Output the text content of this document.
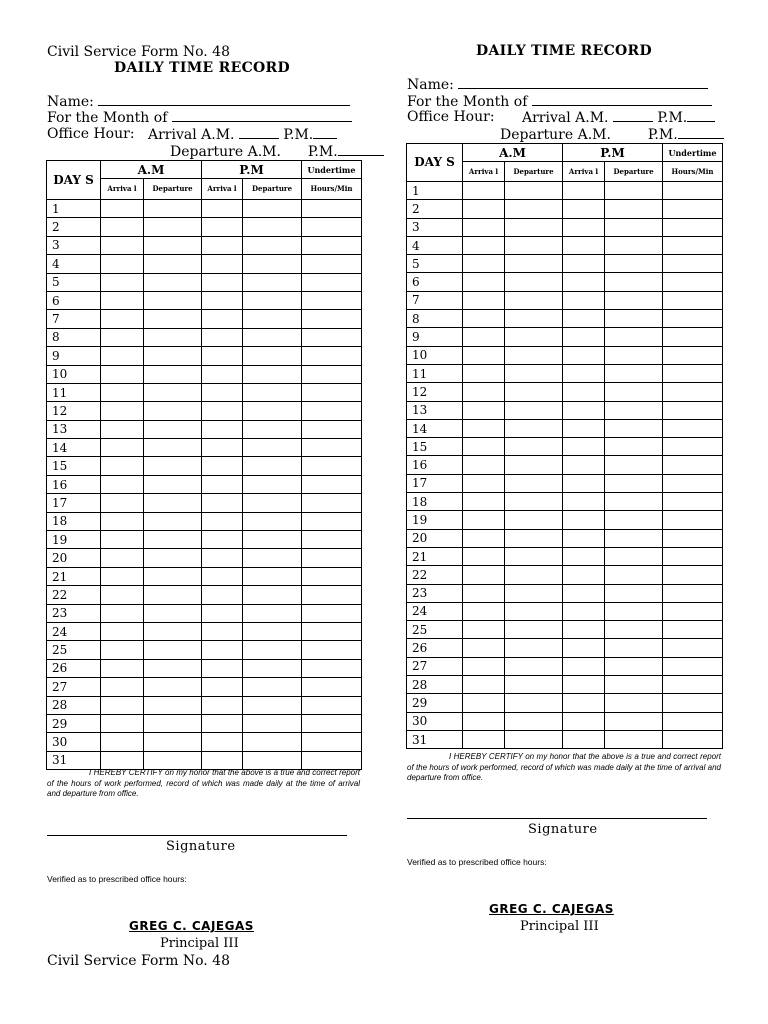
Civil Service Form No. 48
DAILY TIME RECORD
Name:
For the Month of
Office Hour: Arrival A.M.	P.M.
Departure A.M. P.M.
DAY S	A.M		P.M		Undertime
	Arriva l	Departure	Arriva l	Departure	Hours/Min
1					
2					
3					
4					
5					
6					
7					
8					
9					
10					
11					
12					
13					
14					
15					
16					
17					
18					
19					
20					
21					
22					
23					
24					
25					
26					
27					
28					
29					
30					
31					
I HEREBY CERTIFY on my honor that the above is a true and correct report of the hours of work performed, record of which was made daily at the time of arrival and departure from office.
Signature
Verified as to prescribed office hours:
GREG C. CAJEGAS
Principal III
Civil Service Form No. 48
DAILY TIME RECORD
Name:
For the Month of
Office Hour: Arrival A.M.	P.M.
Departure A.M.	P.M.
DAY S	A.M		P.M		Undertime
	Arriva l	Departure	Arriva l	Departure	Hours/Min
1					
2					
3					
4					
5					
6					
7					
8					
9					
10					
11					
12					
13					
14					
15					
16					
17					
18					
19					
20					
21					
22					
23					
24					
25					
26					
27					
28					
29					
30					
31					
I HEREBY CERTIFY on my honor that the above is a true and correct report of the hours of work performed, record of which was made daily at the time of arrival and departure from office.
Signature
Verified as to prescribed office hours:
GREG C. CAJEGAS
Principal III
